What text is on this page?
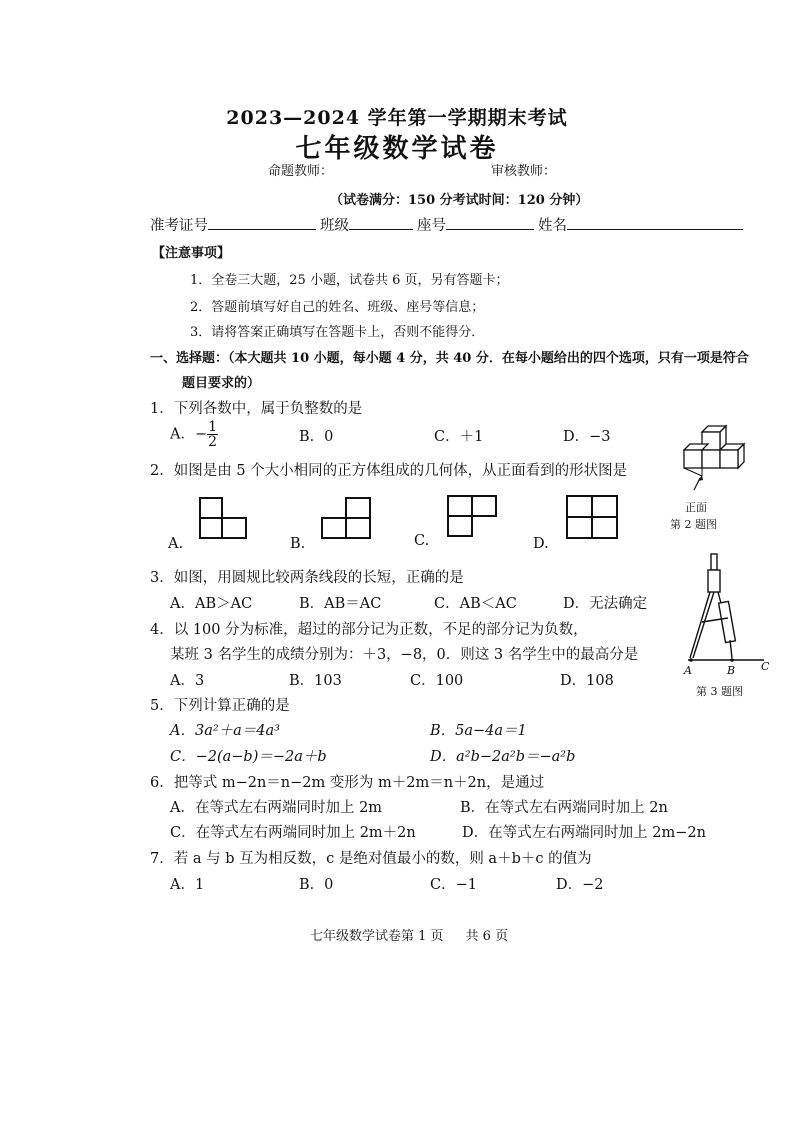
2023—2024 学年第一学期期末考试
七年级数学试卷
命题教师：	审核教师：
（试卷满分：150 分考试时间：120 分钟）
准考证号	班级	座号	姓名
【注意事项】
1．全卷三大题，25 小题，试卷共 6 页，另有答题卡；
2．答题前填写好自己的姓名、班级、座号等信息；
3．请将答案正确填写在答题卡上，否则不能得分．
一、选择题：（本大题共 10 小题，每小题 4 分，共 40 分．在每小题给出的四个选项，只有一项是符合
题目要求的）
1．下列各数中，属于负整数的是
A．− $\frac{1}{2}$	B．0	C．＋1	D．−3
2．如图是由 5 个大小相同的正方体组成的几何体，从正面看到的形状图是
正面
第 2 题图
A.	B.	C.	D.
3．如图，用圆规比较两条线段的长短，正确的是
A．AB＞AC	B．AB＝AC	C．AB＜AC	D．无法确定
A	B C
第 3 题图
4．以 100 分为标准，超过的部分记为正数，不足的部分记为负数，
某班 3 名学生的成绩分别为：＋3，−8，0．则这 3 名学生中的最高分是
A．3	B．103	C．100	D．108
5．下列计算正确的是
A．3a²＋a＝4a³	B．5a−4a＝1
C．−2(a−b)＝−2a＋b	D．a²b−2a²b＝−a²b
6．把等式 m−2n＝n−2m 变形为 m＋2m＝n＋2n，是通过
A．在等式左右两端同时加上 2m	B．在等式左右两端同时加上 2n
C．在等式左右两端同时加上 2m＋2n	D．在等式左右两端同时加上 2m−2n
7．若 a 与 b 互为相反数，c 是绝对值最小的数，则 a＋b＋c 的值为
A．1	B．0	C．−1	D．−2
七年级数学试卷第 1 页 共 6 页
